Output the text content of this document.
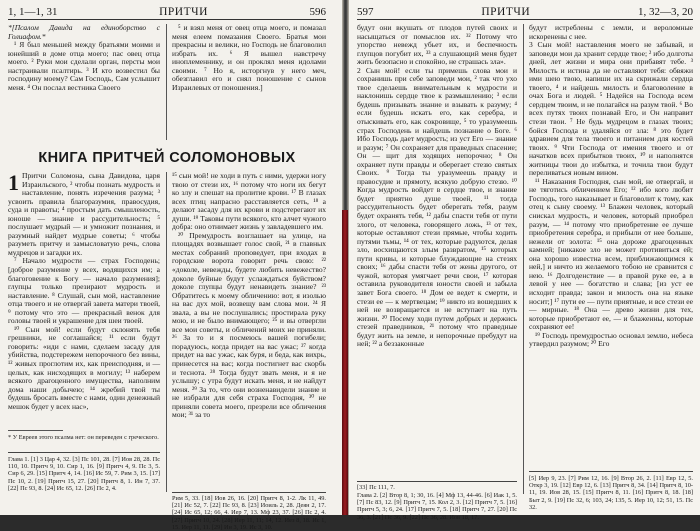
1, 1—1, 31	ПРИТЧИ	596

*[Псалом Давида на единоборство с Голиафом.*

¹ Я был меньшей между братьями моими и юнейший в доме отца моего; пас овец отца моего. ² Руки мои сделали орган, персты мои настраивали псалтирь. ³ И кто возвестил бы господину моему? Сам Господь, Сам услышит меня. ⁴ Он послал вестника Своего

⁵ и взял меня от овец отца моего, и помазал меня елеем помазания Своего. Братья мои прекрасны и велики, но Господь не благоволил избрать их. ⁶ Я вышел навстречу иноплеменнику, и он проклял меня идолами своими. ⁷ Но я, исторгнув у него меч, обезглавил его и снял поношение с сынов Израилевых от поношения.]

КНИГА ПРИТЧЕЙ СОЛОМОНОВЫХ

1 Притчи Соломона, сына Давидова, царя Израильского, ² чтобы познать мудрость и наставление, понять изречения разума; ³ усвоить правила благоразумия, правосудия, суда и правоты; ⁴ простым дать смышленость, юноше — знание и рассудительность; ⁵ послушает мудрый — и умножит познания, и разумный найдет мудрые советы; ⁶ чтобы разуметь притчу и замысловатую речь, слова мудрецов и загадки их.

⁷ Начало мудрости — страх Господень; [доброе разумение у всех, водящихся им; а благоговение к Богу — начало разумения]; глупцы только презирают мудрость и наставление. ⁸ Слушай, сын мой, наставление отца твоего и не отвергай завета матери твоей, ⁹ потому что это — прекрасный венок для головы твоей и украшение для шеи твоей.

¹⁰ Сын мой! если будут склонять тебя грешники, не соглашайся; ¹¹ если будут говорить: «иди с нами, сделаем засаду для убийства, подстережем непорочного без вины, ¹² живых проглотим их, как преисподняя, и — целых, как нисходящих в могилу; ¹³ наберем всякого драгоценного имущества, наполним дома наши добычею; ¹⁴ жребий твой ты будешь бросать вместе с нами, один денежный мешок будет у всех нас»,

¹⁵ сын мой! не ходи в путь с ними, удержи ногу твою от стези их, ¹⁶ потому что ноги их бегут ко злу и спешат на пролитие крови. ¹⁷ В глазах всех птиц напрасно расставляется сеть, ¹⁸ а делают засаду для их крови и подстерегают их души. ¹⁹ Таковы пути всякого, кто алчет чужого добра: оно отнимает жизнь у завладевшего им.

²⁰ Премудрость возглашает на улице, на площадях возвышает голос свой, ²¹ в главных местах собраний проповедует, при входах в городские ворота говорит речь свою: ²² «доколе, невежды, будете любить невежество? доколе буйные будут услаждаться буйством? доколе глупцы будут ненавидеть знание? ²³ Обратитесь к моему обличению: вот, я изолью на вас дух мой, возвещу вам слова мои. ²⁴ Я звала, а вы не послушались; простирала руку мою, и не было внимающего; ²⁵ и вы отвергли все мои советы, и обличений моих не приняли. ²⁶ За то и я посмеюсь вашей погибели; порадуюсь, когда придет на вас ужас; ²⁷ когда придет на вас ужас, как буря, и беда, как вихрь, принесется на вас; когда постигнет вас скорбь и теснота. ²⁸ Тогда будут звать меня, и я не услышу; с утра будут искать меня, и не найдут меня. ²⁹ За то, что они возненавидели знание и не избрали для себя страха Господня, ³⁰ не приняли совета моего, презрели все обличения мои; ³¹ за то

* У Евреев этого псалма нет: он переведен с греческого.
Глава 1. [1] 3 Цар 4, 32. [3] Пс 101, 28. [7] Иов 28, 28. Пс 110, 10. Притч 9, 10. Сир 1, 16. [9] Притч 4, 9. Пс 3, 5. Сир 6, 29. [15] Притч 4, 14. [16] Ис 59, 7. Рим 3, 15. [17] Пс 10, 2. [19] Притч 15, 27. [20] Притч 8, 1. Ин 7, 37. [22] Пс 93, 8. [24] Ис 65, 12. [26] Пс 2, 4.
Рим 5, 33. [18] Иов 26, 16. [20] Притч 8, 1-2. Лк 11, 49. [21] Ис 52, 7. [22] Пс 93, 8. [23] Иоиль 2, 28. Деян 2, 17. [24] Ис 65, 12; 66, 4. Иер 7, 13. Мф 23, 37. [26] Пс 2, 4. [27] Притч 10, 24. [28] Иер 11, 11; 14, 12. Иез 8, 18. Ис 1, 15. Иер 11, 11. [29] Ин 3, 19. Ис 3, 10.
597	ПРИТЧИ	1, 32—3, 20

будут они вкушать от плодов путей своих и насыщаться от помыслов их. ³² Потому что упорство невежд убьет их, и беспечность глупцов погубит их, ³³ а слушающий меня будет жить безопасно и спокойно, не страшась зла».

2 Сын мой! если ты примешь слова мои и сохранишь при себе заповеди мои, ² так что ухо твое сделаешь внимательным к мудрости и наклонишь сердце твое к размышлению; ³ если будешь призывать знание и взывать к разуму; ⁴ если будешь искать его, как серебра, и отыскивать его, как сокровище, ⁵ то уразумеешь страх Господень и найдешь познание о Боге. ⁶ Ибо Господь дает мудрость; из уст Его — знание и разум; ⁷ Он сохраняет для праведных спасение; Он — щит для ходящих непорочно; ⁸ Он охраняет пути правды и оберегает стезю святых Своих. ⁹ Тогда ты уразумеешь правду и правосудие и прямоту, всякую добрую стезю. ¹⁰ Когда мудрость войдет в сердце твое, и знание будет приятно душе твоей, ¹¹ тогда рассудительность будет оберегать тебя, разум будет охранять тебя, ¹² дабы спасти тебя от пути злого, от человека, говорящего ложь, ¹³ от тех, которые оставляют стези прямые, чтобы ходить путями тьмы, ¹⁴ от тех, которые радуются, делая зло, восхищаются злым развратом, ¹⁵ которых пути кривы, и которые блуждающие на стезях своих; ¹⁶ дабы спасти тебя от жены другого, от чужой, которая умягчает речи свои, ¹⁷ которая оставила руководителя юности своей и забыла завет Бога своего. ¹⁸ Дом ее ведет к смерти, и стези ее — к мертвецам; ¹⁹ никто из вошедших к ней не возвращается и не вступает на путь жизни. ²⁰ Посему ходи путем добрых и держись стезей праведников, ²¹ потому что праведные будут жить на земле, и непорочные пребудут на ней; ²² а беззаконные

будут истреблены с земли, и вероломные искоренены с нее.

3 Сын мой! наставления моего не забывай, и заповеди мои да хранит сердце твое; ² ибо долготы дней, лет жизни и мира они прибавят тебе. ³ Милость и истина да не оставляют тебя: обвяжи ими шею твою, напиши их на скрижали сердца твоего, ⁴ и найдешь милость и благоволение в очах Бога и людей. ⁵ Надейся на Господа всем сердцем твоим, и не полагайся на разум твой. ⁶ Во всех путях твоих познавай Его, и Он направит стези твои. ⁷ Не будь мудрецом в глазах твоих; бойся Господа и удаляйся от зла: ⁸ это будет здравием для тела твоего и питанием для костей твоих. ⁹ Чти Господа от имения твоего и от начатков всех прибытков твоих, ¹⁰ и наполнятся житницы твои до избытка, и точила твои будут переливаться новым вином.

¹¹ Наказания Господня, сын мой, не отвергай, и не тяготись обличением Его; ¹² ибо кого любит Господь, того наказывает и благоволит к тому, как отец к сыну своему. ¹³ Блажен человек, который снискал мудрость, и человек, который приобрел разум, — ¹⁴ потому что приобретение ее лучше приобретения серебра, и прибыли от нее больше, нежели от золота: ¹⁵ она дороже драгоценных камней; [никакое зло не может противиться ей; она хорошо известна всем, приближающимся к ней,] и ничто из желаемого тобою не сравнится с нею. ¹⁶ Долгоденствие — в правой руке ее, а в левой у нее — богатство и слава; [из уст ее исходит правда; закон и милость она на языке носит;] ¹⁷ пути ее — пути приятные, и все стези ее — мирные. ¹⁸ Она — древо жизни для тех, которые приобретают ее, — и блаженны, которые сохраняют ее!

¹⁹ Господь премудростью основал землю, небеса утвердил разумом; ²⁰ Его

[33] Пс 111, 7.
Глава 2. [2] Втор 8, 1; 30, 16. [4] Мф 13, 44-46. [6] Иак 1, 5. [7] Пс 83, 12. [9] Притч 7, 15. Кол 2, 3. [12] Притч 7, 5. [16] Притч 5, 3; 6, 24. [17] Притч 7, 5. [18] Притч 7, 27. [20] Пс 36, 3. [21] Пс 36, 9. [22] Пс 36, 28. Иов 18, 17.
[5] Иер 9, 23. [7] Рим 12, 16. [9] Втор 26, 2. [11] Евр 12, 5. Откр 3, 19. [12] Евр 12, 6. [13] Притч 8, 34. [14] Притч 8, 10-11, 19. Иов 28, 15. [15] Притч 8, 11. [16] Притч 8, 18. [18] Быт 2, 9. [19] Пс 32, 6; 103, 24; 135, 5. Иер 10, 12; 51, 15. Пс 32.
